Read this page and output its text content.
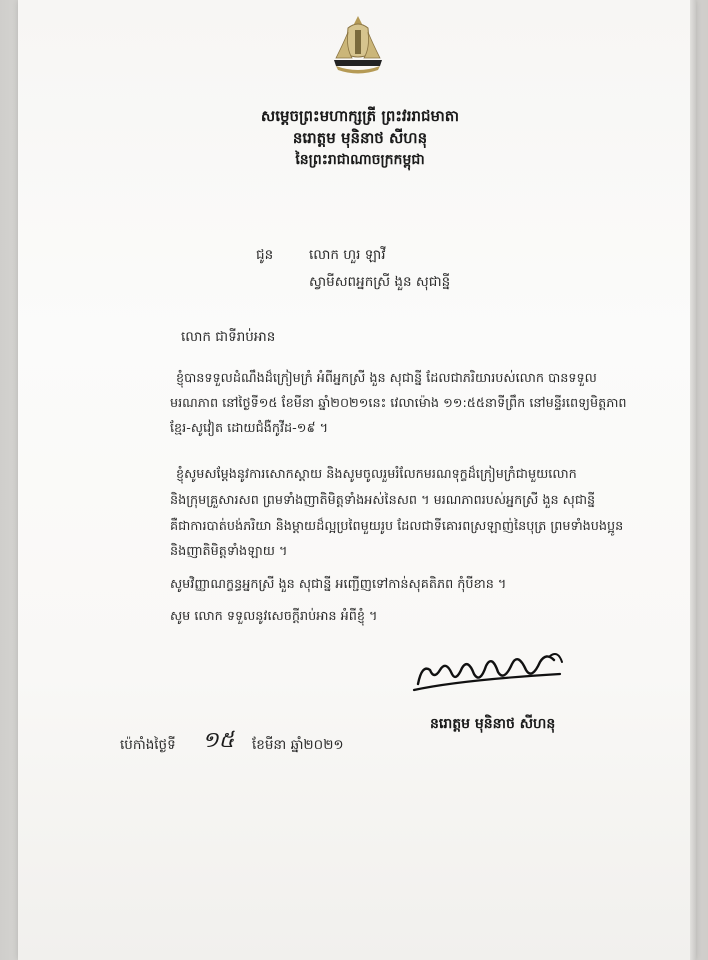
សម្តេចព្រះមហាក្សត្រី ព្រះវររាជមាតា
នរោត្តម មុនិនាថ សីហនុ
នៃព្រះរាជាណាចក្រកម្ពុជា
ជូន	លោក ហួរ ឡាវី
ស្វាមីសពអ្នកស្រី ងួន សុជាន្នី
លោក ជាទីរាប់អាន
ខ្ញុំបានទទួលដំណឹងដ៏ក្រៀមក្រំ អំពីអ្នកស្រី ងួន សុជាន្នី ដែលជាភរិយារបស់លោក បានទទួល
មរណភាព នៅថ្ងៃទី១៥ ខែមីនា ឆ្នាំ២០២១នេះ វេលាម៉ោង ១១:៥៥នាទីព្រឹក នៅមន្ទីរពេទ្យមិត្តភាព
ខ្មែរ-សូវៀត ដោយជំងឺកូវីដ-១៩ ។
ខ្ញុំសូមសម្តែងនូវការសោកស្តាយ និងសូមចូលរួមរំលែកមរណទុក្ខដ៏ក្រៀមក្រំជាមួយលោក
និងក្រុមគ្រួសារសព ព្រមទាំងញាតិមិត្តទាំងអស់នៃសព ។ មរណភាពរបស់អ្នកស្រី ងួន សុជាន្នី
គឺជាការបាត់បង់ភរិយា និងម្តាយដ៏ល្អប្រពៃមួយរូប ដែលជាទីគោរពស្រឡាញ់នៃបុត្រ ព្រមទាំងបងប្អូន
និងញាតិមិត្តទាំងឡាយ ។
សូមវិញ្ញាណក្ខន្ធអ្នកស្រី ងួន សុជាន្នី អញ្ជើញទៅកាន់សុគតិភព កុំបីខាន ។
សូម លោក ទទួលនូវសេចក្តីរាប់អាន អំពីខ្ញុំ ។
នរោត្តម មុនិនាថ សីហនុ
ប៉េកាំងថ្ងៃទី ១៥ ខែមីនា ឆ្នាំ២០២១
